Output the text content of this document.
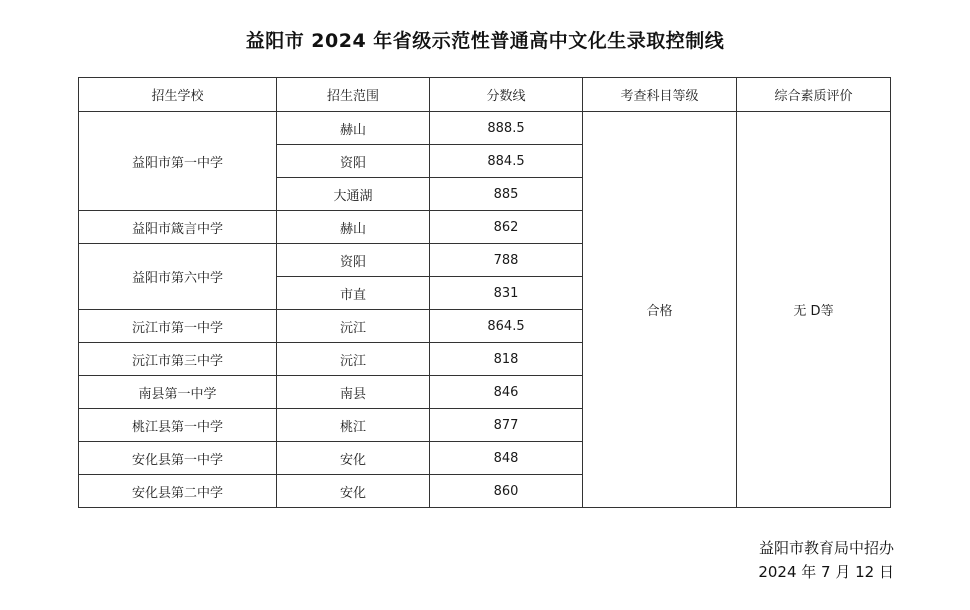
益阳市 2024 年省级示范性普通高中文化生录取控制线
招生学校	招生范围	分数线	考查科目等级	综合素质评价
益阳市第一中学	赫山	888.5	合格	无 D等
	资阳	884.5		
	大通湖	885		
益阳市箴言中学	赫山	862		
益阳市第六中学	资阳	788		
	市直	831		
沅江市第一中学	沅江	864.5		
沅江市第三中学	沅江	818		
南县第一中学	南县	846		
桃江县第一中学	桃江	877		
安化县第一中学	安化	848		
安化县第二中学	安化	860		
益阳市教育局中招办
2024 年 7 月 12 日
